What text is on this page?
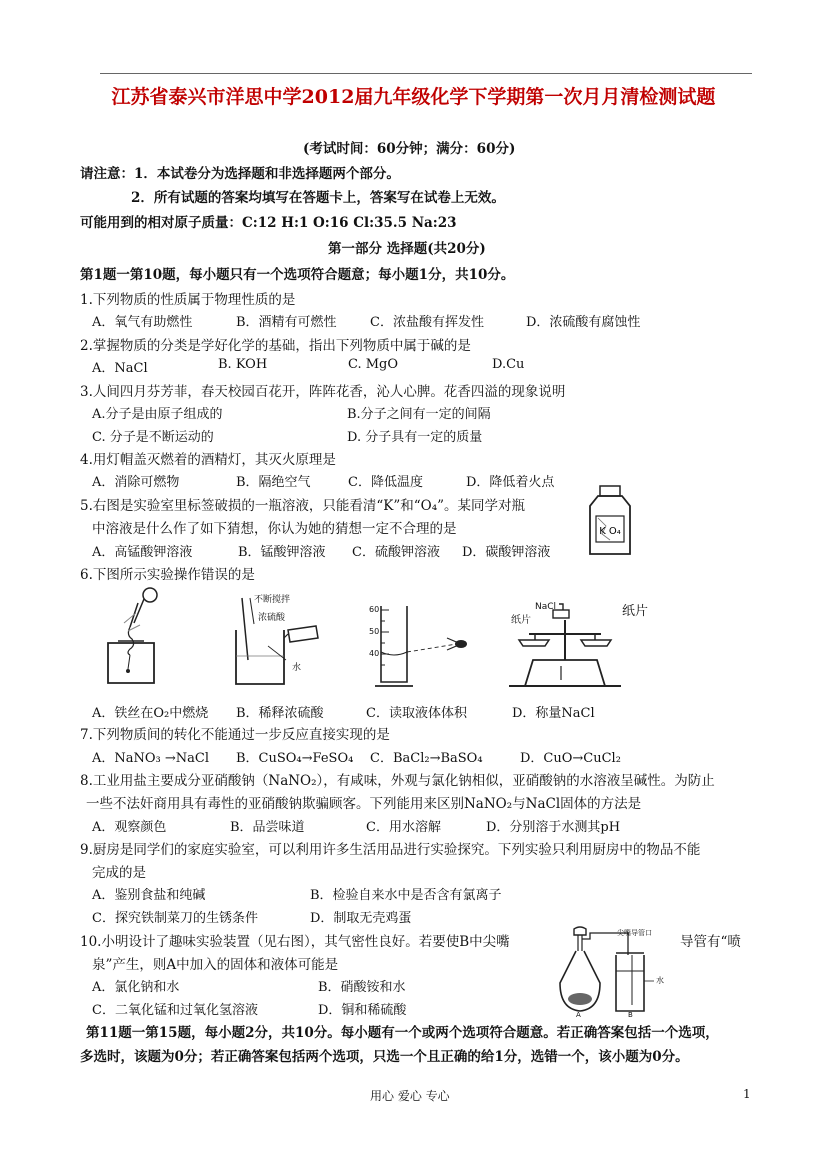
江苏省泰兴市洋思中学2012届九年级化学下学期第一次月月清检测试题
(考试时间：60分钟；满分：60分)
请注意：1．本试卷分为选择题和非选择题两个部分。
2．所有试题的答案均填写在答题卡上，答案写在试卷上无效。
可能用到的相对原子质量：C:12 H:1 O:16 Cl:35.5 Na:23
第一部分 选择题(共20分)
第1题一第10题，每小题只有一个选项符合题意；每小题1分，共10分。
1.下列物质的性质属于物理性质的是
A．氧气有助燃性	B．酒精有可燃性	C．浓盐酸有挥发性	D．浓硫酸有腐蚀性
2.掌握物质的分类是学好化学的基础，指出下列物质中属于碱的是
A．NaCl	B. KOH	C. MgO	D.Cu
3.人间四月芬芳菲，春天校园百花开，阵阵花香，沁人心脾。花香四溢的现象说明
A.分子是由原子组成的	B.分子之间有一定的间隔
C. 分子是不断运动的	D. 分子具有一定的质量
4.用灯帽盖灭燃着的酒精灯，其灭火原理是
A．消除可燃物	B．隔绝空气	C．降低温度	D．降低着火点
5.右图是实验室里标签破损的一瓶溶液，只能看清“K”和“O₄”。某同学对瓶
中溶液是什么作了如下猜想，你认为她的猜想一定不合理的是
A．高锰酸钾溶液	B．锰酸钾溶液 C．硫酸钾溶液 D．碳酸钾溶液
K O₄
6.下图所示实验操作错误的是
不断搅拌
浓硫酸
水
60
50
40
NaCl
纸片
纸片
A．铁丝在O₂中燃烧 B．稀释浓硫酸	C．读取液体体积	D．称量NaCl
7.下列物质间的转化不能通过一步反应直接实现的是
A．NaNO₃ →NaCl B．CuSO₄→FeSO₄ C．BaCl₂→BaSO₄	D．CuO→CuCl₂
8.工业用盐主要成分亚硝酸钠（NaNO₂），有咸味，外观与氯化钠相似，亚硝酸钠的水溶液呈碱性。为防止
一些不法奸商用具有毒性的亚硝酸钠欺骗顾客。下列能用来区别NaNO₂与NaCl固体的方法是
A．观察颜色	B．品尝味道	C．用水溶解	D．分别溶于水测其pH
9.厨房是同学们的家庭实验室，可以利用许多生活用品进行实验探究。下列实验只利用厨房中的物品不能
完成的是
A．鉴别食盐和纯碱	B．检验自来水中是否含有氯离子
C．探究铁制菜刀的生锈条件	D．制取无壳鸡蛋
10.小明设计了趣味实验装置（见右图），其气密性良好。若要使B中尖嘴	导管有“喷
泉”产生，则A中加入的固体和液体可能是
A．氯化钠和水	B．硝酸铵和水
C．二氧化锰和过氧化氢溶液	D．铜和稀硫酸
尖嘴导管口
水
A	B
第11题一第15题，每小题2分，共10分。每小题有一个或两个选项符合题意。若正确答案包括一个选项，
多选时，该题为0分；若正确答案包括两个选项，只选一个且正确的给1分，选错一个，该小题为0分。
用心 爱心 专心	1
